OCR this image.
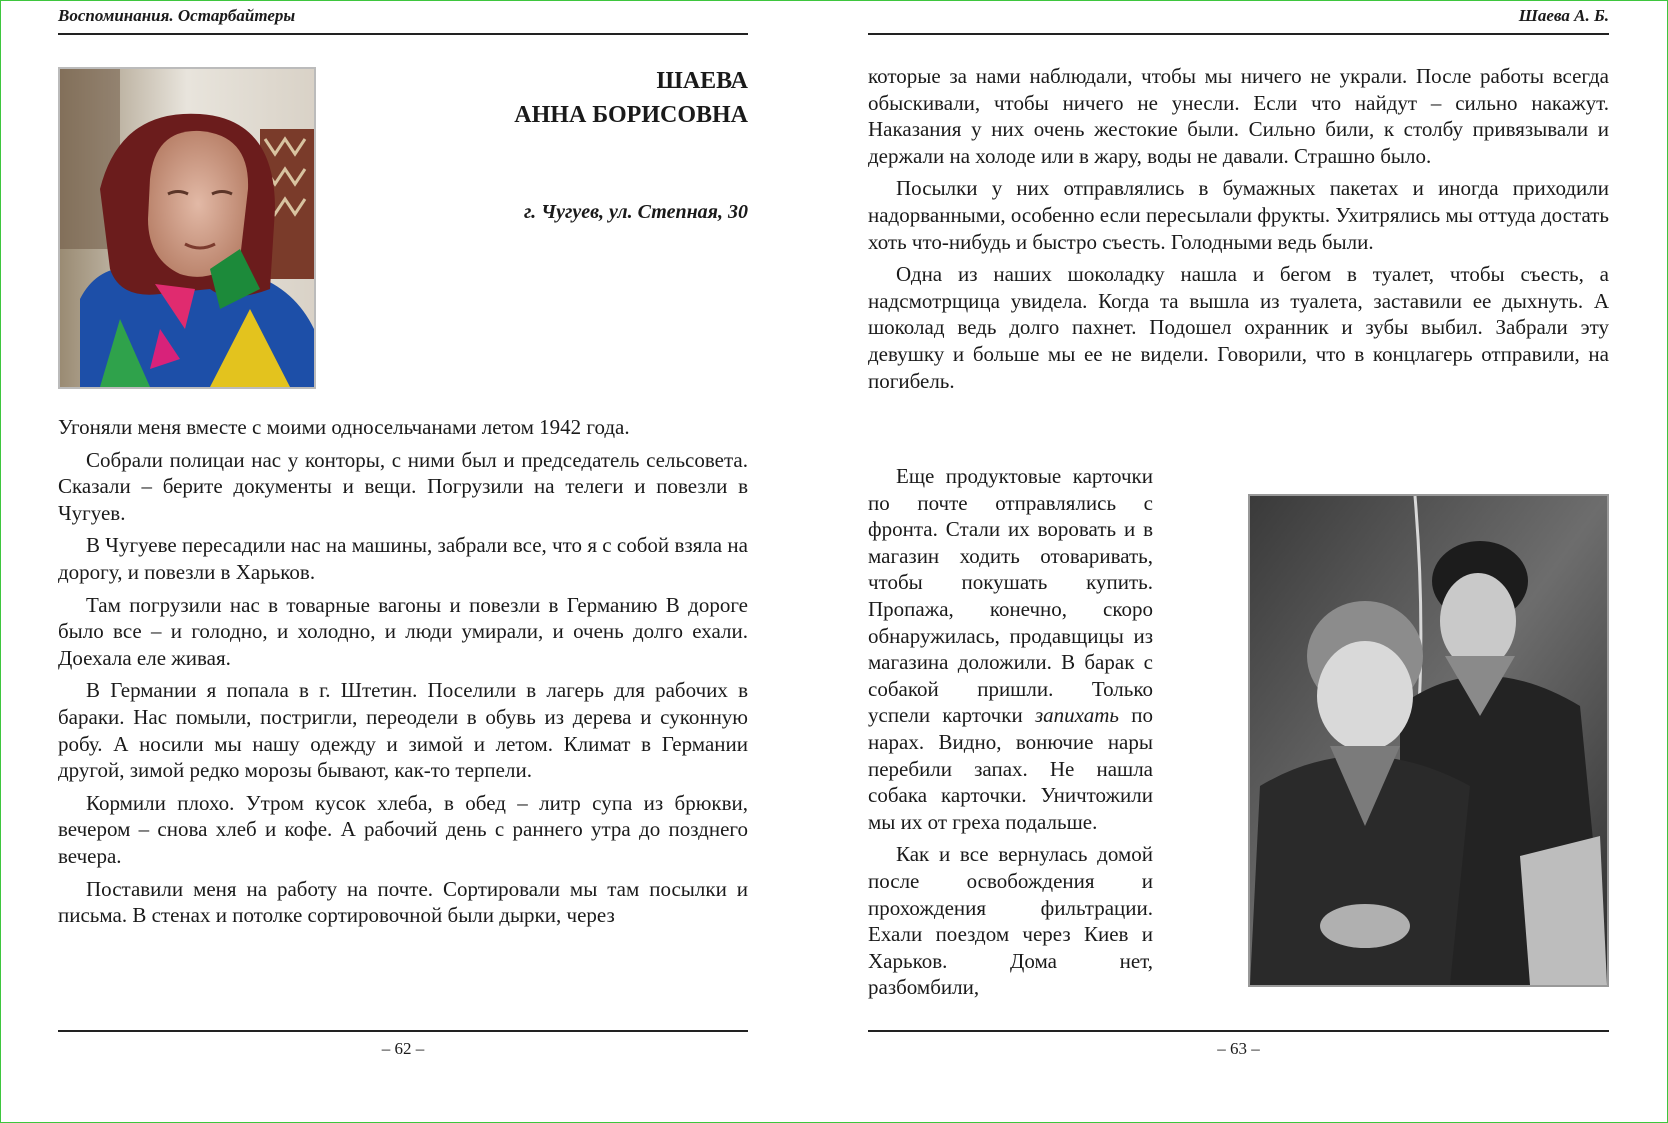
Воспоминания. Остарбайтеры
ШАЕВА
АННА БОРИСОВНА
г. Чугуев, ул. Степная, 30

Угоняли меня вместе с моими односельчанами летом 1942 года.

Собрали полицаи нас у конторы, с ними был и председатель сельсовета. Сказали – берите документы и вещи. Погрузили на телеги и повезли в Чугуев.

В Чугуеве пересадили нас на машины, забрали все, что я с собой взяла на дорогу, и повезли в Харьков.

Там погрузили нас в товарные вагоны и повезли в Германию В дороге было все – и голодно, и холодно, и люди умирали, и очень долго ехали. Доехала еле живая.

В Германии я попала в г. Штетин. Поселили в лагерь для рабочих в бараки. Нас помыли, постригли, переодели в обувь из дерева и суконную робу. А носили мы нашу одежду и зимой и летом. Климат в Германии другой, зимой редко морозы бывают, как-то терпели.

Кормили плохо. Утром кусок хлеба, в обед – литр супа из брюкви, вечером – снова хлеб и кофе. А рабочий день с раннего утра до позднего вечера.

Поставили меня на работу на почте. Сортировали мы там посылки и письма. В стенах и потолке сортировочной были дырки, через

– 62 –
Шаева А. Б.

которые за нами наблюдали, чтобы мы ничего не украли. После работы всегда обыскивали, чтобы ничего не унесли. Если что найдут – сильно накажут. Наказания у них очень жестокие были. Сильно били, к столбу привязывали и держали на холоде или в жару, воды не давали. Страшно было.

Посылки у них отправлялись в бумажных пакетах и иногда приходили надорванными, особенно если пересылали фрукты. Ухитрялись мы оттуда достать хоть что-нибудь и быстро съесть. Голодными ведь были.

Одна из наших шоколадку нашла и бегом в туалет, чтобы съесть, а надсмотрщица увидела. Когда та вышла из туалета, заставили ее дыхнуть. А шоколад ведь долго пахнет. Подошел охранник и зубы выбил. Забрали эту девушку и больше мы ее не видели. Говорили, что в концлагерь отправили, на погибель.

Еще продуктовые карточки по почте отправлялись с фронта. Стали их воровать и в магазин ходить отоваривать, чтобы покушать купить. Пропажа, конечно, скоро обнаружилась, продавщицы из магазина доложили. В барак с собакой пришли. Только успели карточки запихать по нарах. Видно, вонючие нары перебили запах. Не нашла собака карточки. Уничтожили мы их от греха подальше.

Как и все вернулась домой после освобождения и прохождения фильтрации. Ехали поездом через Киев и Харьков. Дома нет, разбомбили,

– 63 –
